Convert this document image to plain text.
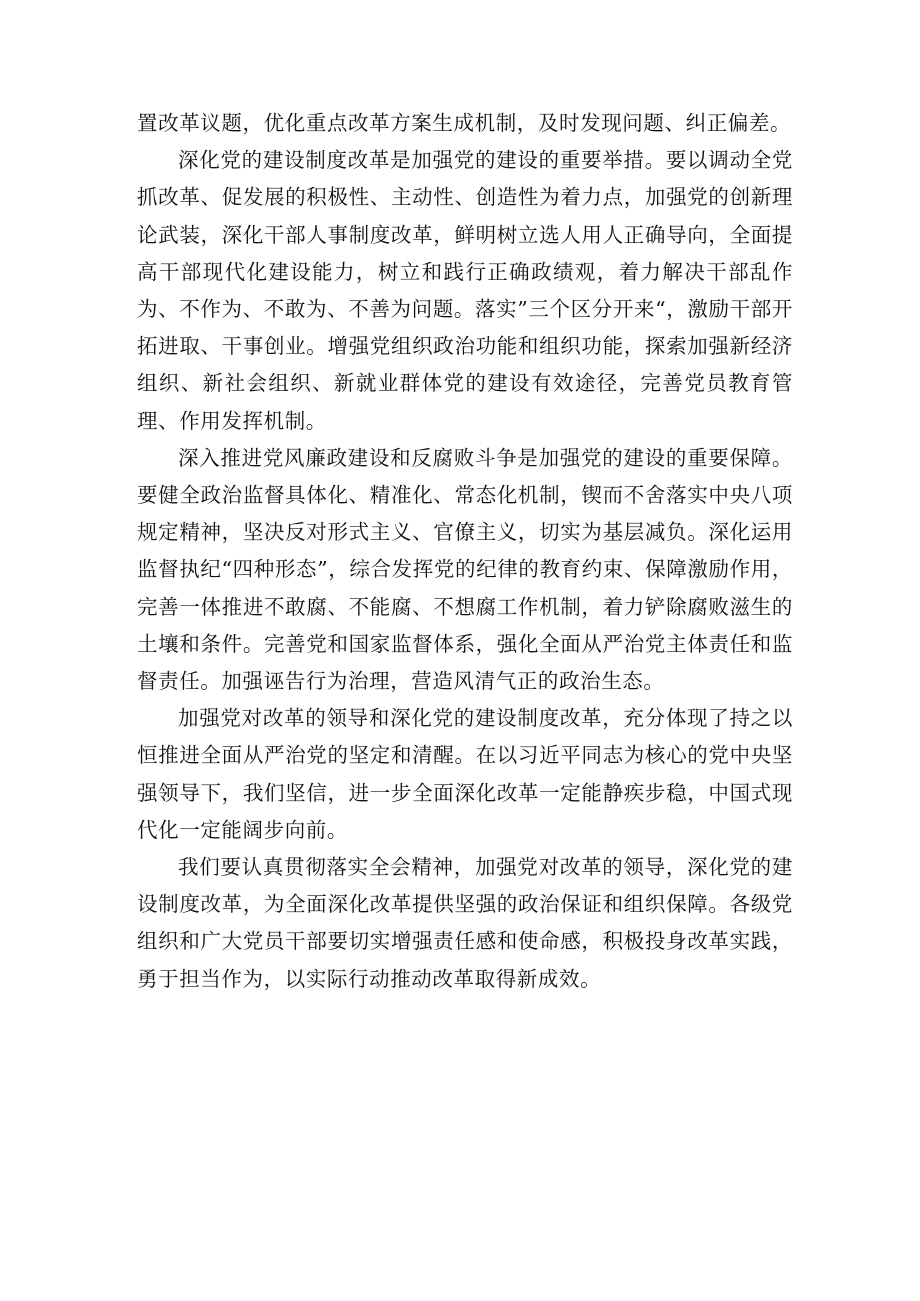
置改革议题，优化重点改革方案生成机制，及时发现问题、纠正偏差。

深化党的建设制度改革是加强党的建设的重要举措。要以调动全党抓改革、促发展的积极性、主动性、创造性为着力点，加强党的创新理论武装，深化干部人事制度改革，鲜明树立选人用人正确导向，全面提高干部现代化建设能力，树立和践行正确政绩观，着力解决干部乱作为、不作为、不敢为、不善为问题。落实”三个区分开来“，激励干部开拓进取、干事创业。增强党组织政治功能和组织功能，探索加强新经济组织、新社会组织、新就业群体党的建设有效途径，完善党员教育管理、作用发挥机制。

深入推进党风廉政建设和反腐败斗争是加强党的建设的重要保障。要健全政治监督具体化、精准化、常态化机制，锲而不舍落实中央八项规定精神，坚决反对形式主义、官僚主义，切实为基层减负。深化运用监督执纪“四种形态”，综合发挥党的纪律的教育约束、保障激励作用，完善一体推进不敢腐、不能腐、不想腐工作机制，着力铲除腐败滋生的土壤和条件。完善党和国家监督体系，强化全面从严治党主体责任和监督责任。加强诬告行为治理，营造风清气正的政治生态。

加强党对改革的领导和深化党的建设制度改革，充分体现了持之以恒推进全面从严治党的坚定和清醒。在以习近平同志为核心的党中央坚强领导下，我们坚信，进一步全面深化改革一定能静疾步稳，中国式现代化一定能阔步向前。

我们要认真贯彻落实全会精神，加强党对改革的领导，深化党的建设制度改革，为全面深化改革提供坚强的政治保证和组织保障。各级党组织和广大党员干部要切实增强责任感和使命感，积极投身改革实践，勇于担当作为，以实际行动推动改革取得新成效。
